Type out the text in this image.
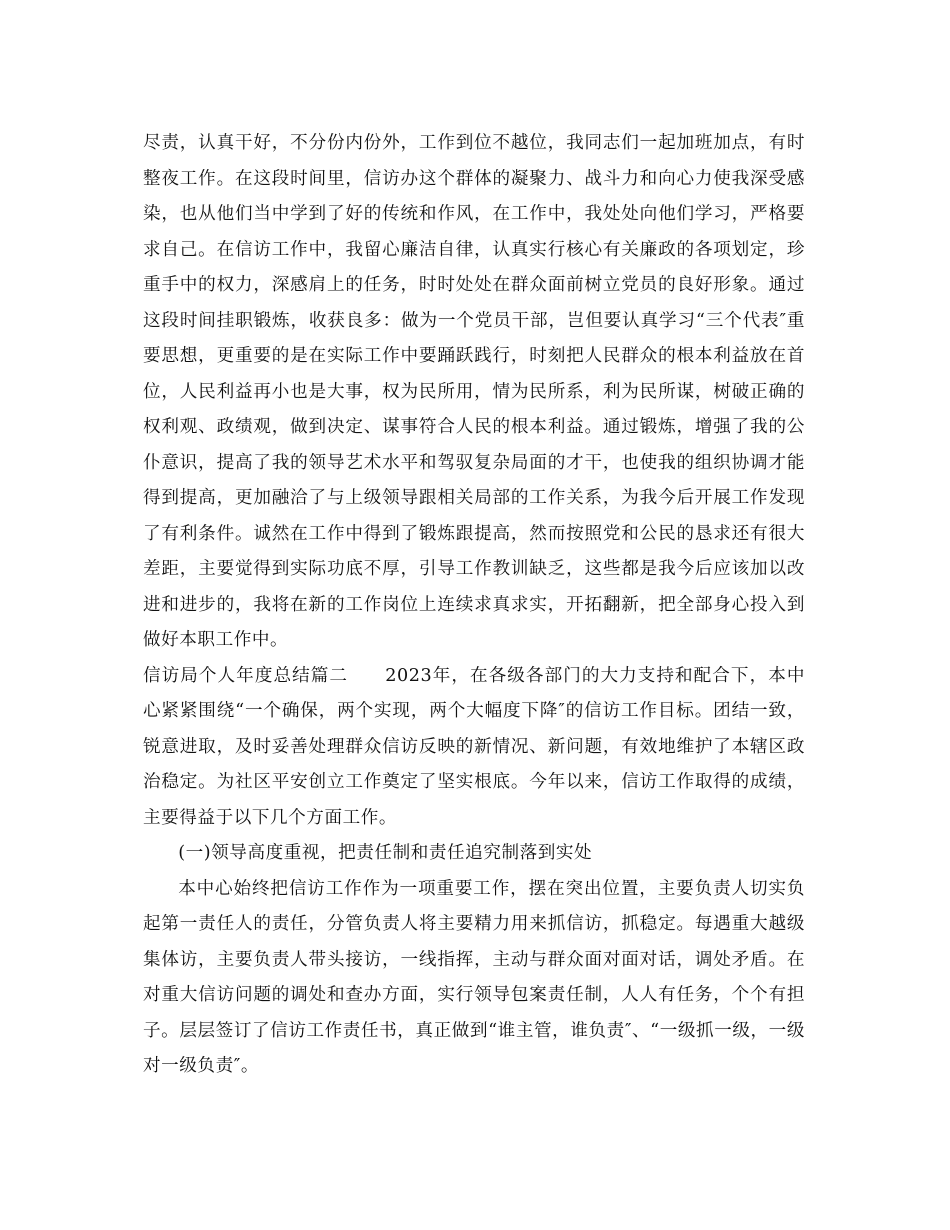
尽责，认真干好，不分份内份外，工作到位不越位，我同志们一起加班加点，有时整夜工作。在这段时间里，信访办这个群体的凝聚力、战斗力和向心力使我深受感染，也从他们当中学到了好的传统和作风，在工作中，我处处向他们学习，严格要求自己。在信访工作中，我留心廉洁自律，认真实行核心有关廉政的各项划定，珍重手中的权力，深感肩上的任务，时时处处在群众面前树立党员的良好形象。通过这段时间挂职锻炼，收获良多：做为一个党员干部，岂但要认真学习“三个代表″重要思想，更重要的是在实际工作中要踊跃践行，时刻把人民群众的根本利益放在首位，人民利益再小也是大事，权为民所用，情为民所系，利为民所谋，树破正确的权利观、政绩观，做到决定、谋事符合人民的根本利益。通过锻炼，增强了我的公仆意识，提高了我的领导艺术水平和驾驭复杂局面的才干，也使我的组织协调才能得到提高，更加融洽了与上级领导跟相关局部的工作关系，为我今后开展工作发现了有利条件。诚然在工作中得到了锻炼跟提高，然而按照党和公民的恳求还有很大差距，主要觉得到实际功底不厚，引导工作教训缺乏，这些都是我今后应该加以改进和进步的，我将在新的工作岗位上连续求真求实，开拓翻新，把全部身心投入到做好本职工作中。

信访局个人年度总结篇二　　 2023年，在各级各部门的大力支持和配合下，本中心紧紧围绕“一个确保，两个实现，两个大幅度下降″的信访工作目标。团结一致，锐意进取，及时妥善处理群众信访反映的新情况、新问题，有效地维护了本辖区政治稳定。为社区平安创立工作奠定了坚实根底。今年以来，信访工作取得的成绩，主要得益于以下几个方面工作。

(一)领导高度重视，把责任制和责任追究制落到实处

本中心始终把信访工作作为一项重要工作，摆在突出位置，主要负责人切实负起第一责任人的责任，分管负责人将主要精力用来抓信访，抓稳定。每遇重大越级集体访，主要负责人带头接访，一线指挥，主动与群众面对面对话，调处矛盾。在对重大信访问题的调处和查办方面，实行领导包案责任制，人人有任务，个个有担子。层层签订了信访工作责任书，真正做到“谁主管，谁负责″、“一级抓一级，一级对一级负责″。
